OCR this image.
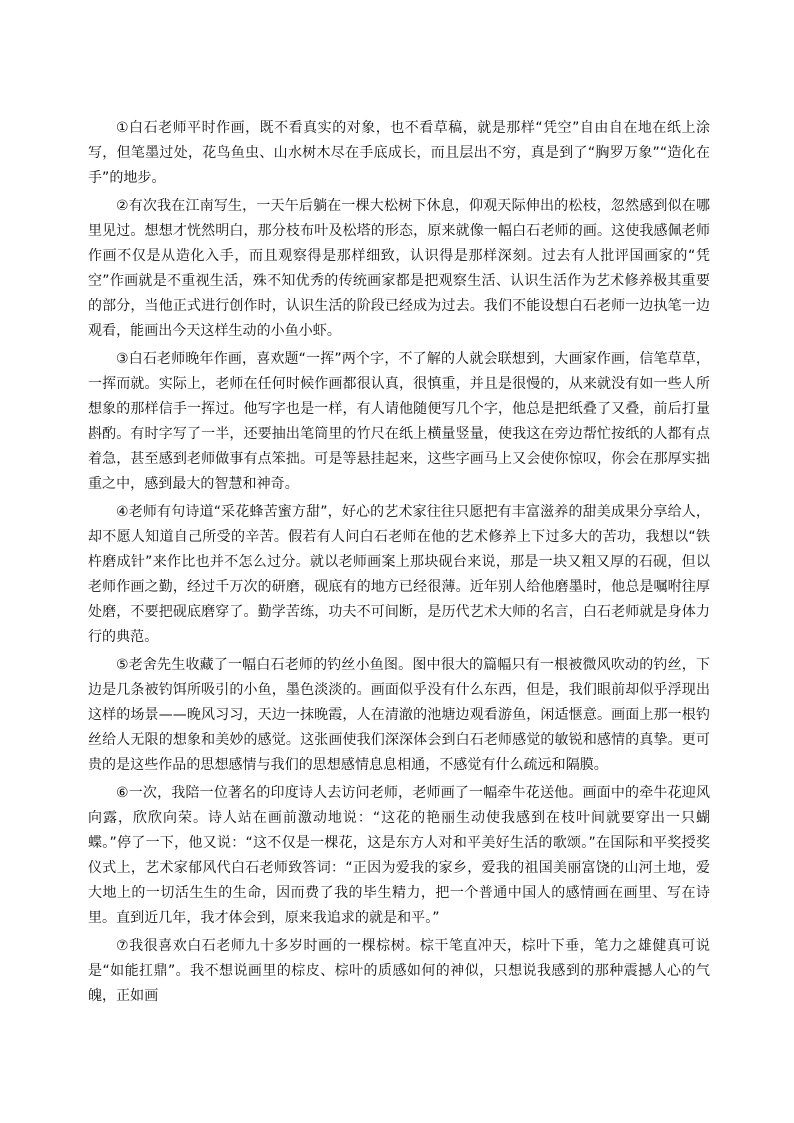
①白石老师平时作画，既不看真实的对象，也不看草稿，就是那样“凭空”自由自在地在纸上涂写，但笔墨过处，花鸟鱼虫、山水树木尽在手底成长，而且层出不穷，真是到了“胸罗万象”“造化在手”的地步。

②有次我在江南写生，一天午后躺在一棵大松树下休息，仰观天际伸出的松枝，忽然感到似在哪里见过。想想才恍然明白，那分枝布叶及松塔的形态，原来就像一幅白石老师的画。这使我感佩老师作画不仅是从造化入手，而且观察得是那样细致，认识得是那样深刻。过去有人批评国画家的“凭空”作画就是不重视生活，殊不知优秀的传统画家都是把观察生活、认识生活作为艺术修养极其重要的部分，当他正式进行创作时，认识生活的阶段已经成为过去。我们不能设想白石老师一边执笔一边观看，能画出今天这样生动的小鱼小虾。

③白石老师晚年作画，喜欢题“一挥”两个字，不了解的人就会联想到，大画家作画，信笔草草，一挥而就。实际上，老师在任何时候作画都很认真，很慎重，并且是很慢的，从来就没有如一些人所想象的那样信手一挥过。他写字也是一样，有人请他随便写几个字，他总是把纸叠了又叠，前后打量斟酌。有时字写了一半，还要抽出笔筒里的竹尺在纸上横量竖量，使我这在旁边帮忙按纸的人都有点着急，甚至感到老师做事有点笨拙。可是等悬挂起来，这些字画马上又会使你惊叹，你会在那厚实拙重之中，感到最大的智慧和神奇。

④老师有句诗道“采花蜂苦蜜方甜”，好心的艺术家往往只愿把有丰富滋养的甜美成果分享给人，却不愿人知道自己所受的辛苦。假若有人问白石老师在他的艺术修养上下过多大的苦功，我想以“铁杵磨成针”来作比也并不怎么过分。就以老师画案上那块砚台来说，那是一块又粗又厚的石砚，但以老师作画之勤，经过千万次的研磨，砚底有的地方已经很薄。近年别人给他磨墨时，他总是嘱咐往厚处磨，不要把砚底磨穿了。勤学苦练，功夫不可间断，是历代艺术大师的名言，白石老师就是身体力行的典范。

⑤老舍先生收藏了一幅白石老师的钓丝小鱼图。图中很大的篇幅只有一根被微风吹动的钓丝，下边是几条被钓饵所吸引的小鱼，墨色淡淡的。画面似乎没有什么东西，但是，我们眼前却似乎浮现出这样的场景——晚风习习，天边一抹晚霞，人在清澈的池塘边观看游鱼，闲适惬意。画面上那一根钓丝给人无限的想象和美妙的感觉。这张画使我们深深体会到白石老师感觉的敏锐和感情的真挚。更可贵的是这些作品的思想感情与我们的思想感情息息相通，不感觉有什么疏远和隔膜。

⑥一次，我陪一位著名的印度诗人去访问老师，老师画了一幅牵牛花送他。画面中的牵牛花迎风向露，欣欣向荣。诗人站在画前激动地说：“这花的艳丽生动使我感到在枝叶间就要穿出一只蝴蝶。”停了一下，他又说：“这不仅是一棵花，这是东方人对和平美好生活的歌颂。”在国际和平奖授奖仪式上，艺术家郁风代白石老师致答词：“正因为爱我的家乡，爱我的祖国美丽富饶的山河土地，爱大地上的一切活生生的生命，因而费了我的毕生精力，把一个普通中国人的感情画在画里、写在诗里。直到近几年，我才体会到，原来我追求的就是和平。”

⑦我很喜欢白石老师九十多岁时画的一棵棕树。棕干笔直冲天，棕叶下垂，笔力之雄健真可说是“如能扛鼎”。我不想说画里的棕皮、棕叶的质感如何的神似，只想说我感到的那种震撼人心的气魄，正如画
